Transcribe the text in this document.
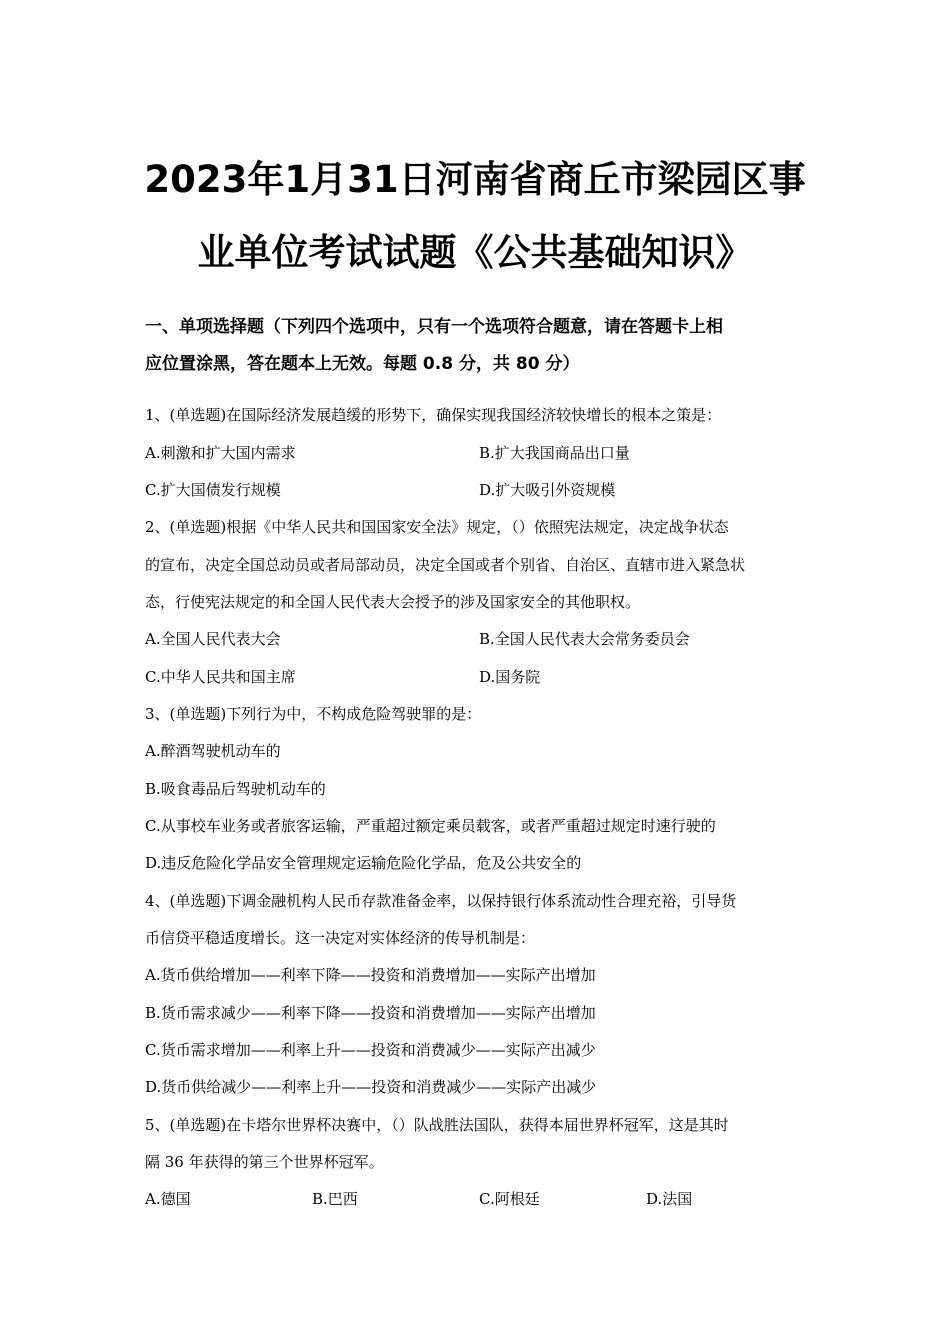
2023年1月31日河南省商丘市梁园区事
业单位考试试题《公共基础知识》
一、单项选择题（下列四个选项中，只有一个选项符合题意，请在答题卡上相
应位置涂黑，答在题本上无效。每题 0.8 分，共 80 分）
1、(单选题)在国际经济发展趋缓的形势下，确保实现我国经济较快增长的根本之策是：
A.刺激和扩大国内需求	B.扩大我国商品出口量
C.扩大国债发行规模	D.扩大吸引外资规模
2、(单选题)根据《中华人民共和国国家安全法》规定，（）依照宪法规定，决定战争状态
的宣布，决定全国总动员或者局部动员，决定全国或者个别省、自治区、直辖市进入紧急状
态，行使宪法规定的和全国人民代表大会授予的涉及国家安全的其他职权。
A.全国人民代表大会	B.全国人民代表大会常务委员会
C.中华人民共和国主席	D.国务院
3、(单选题)下列行为中，不构成危险驾驶罪的是：
A.醉酒驾驶机动车的
B.吸食毒品后驾驶机动车的
C.从事校车业务或者旅客运输，严重超过额定乘员载客，或者严重超过规定时速行驶的
D.违反危险化学品安全管理规定运输危险化学品，危及公共安全的
4、(单选题)下调金融机构人民币存款准备金率，以保持银行体系流动性合理充裕，引导货
币信贷平稳适度增长。这一决定对实体经济的传导机制是：
A.货币供给增加——利率下降——投资和消费增加——实际产出增加
B.货币需求减少——利率下降——投资和消费增加——实际产出增加
C.货币需求增加——利率上升——投资和消费减少——实际产出减少
D.货币供给减少——利率上升——投资和消费减少——实际产出减少
5、(单选题)在卡塔尔世界杯决赛中，（）队战胜法国队，获得本届世界杯冠军，这是其时
隔 36 年获得的第三个世界杯冠军。
A.德国	B.巴西	C.阿根廷	D.法国
